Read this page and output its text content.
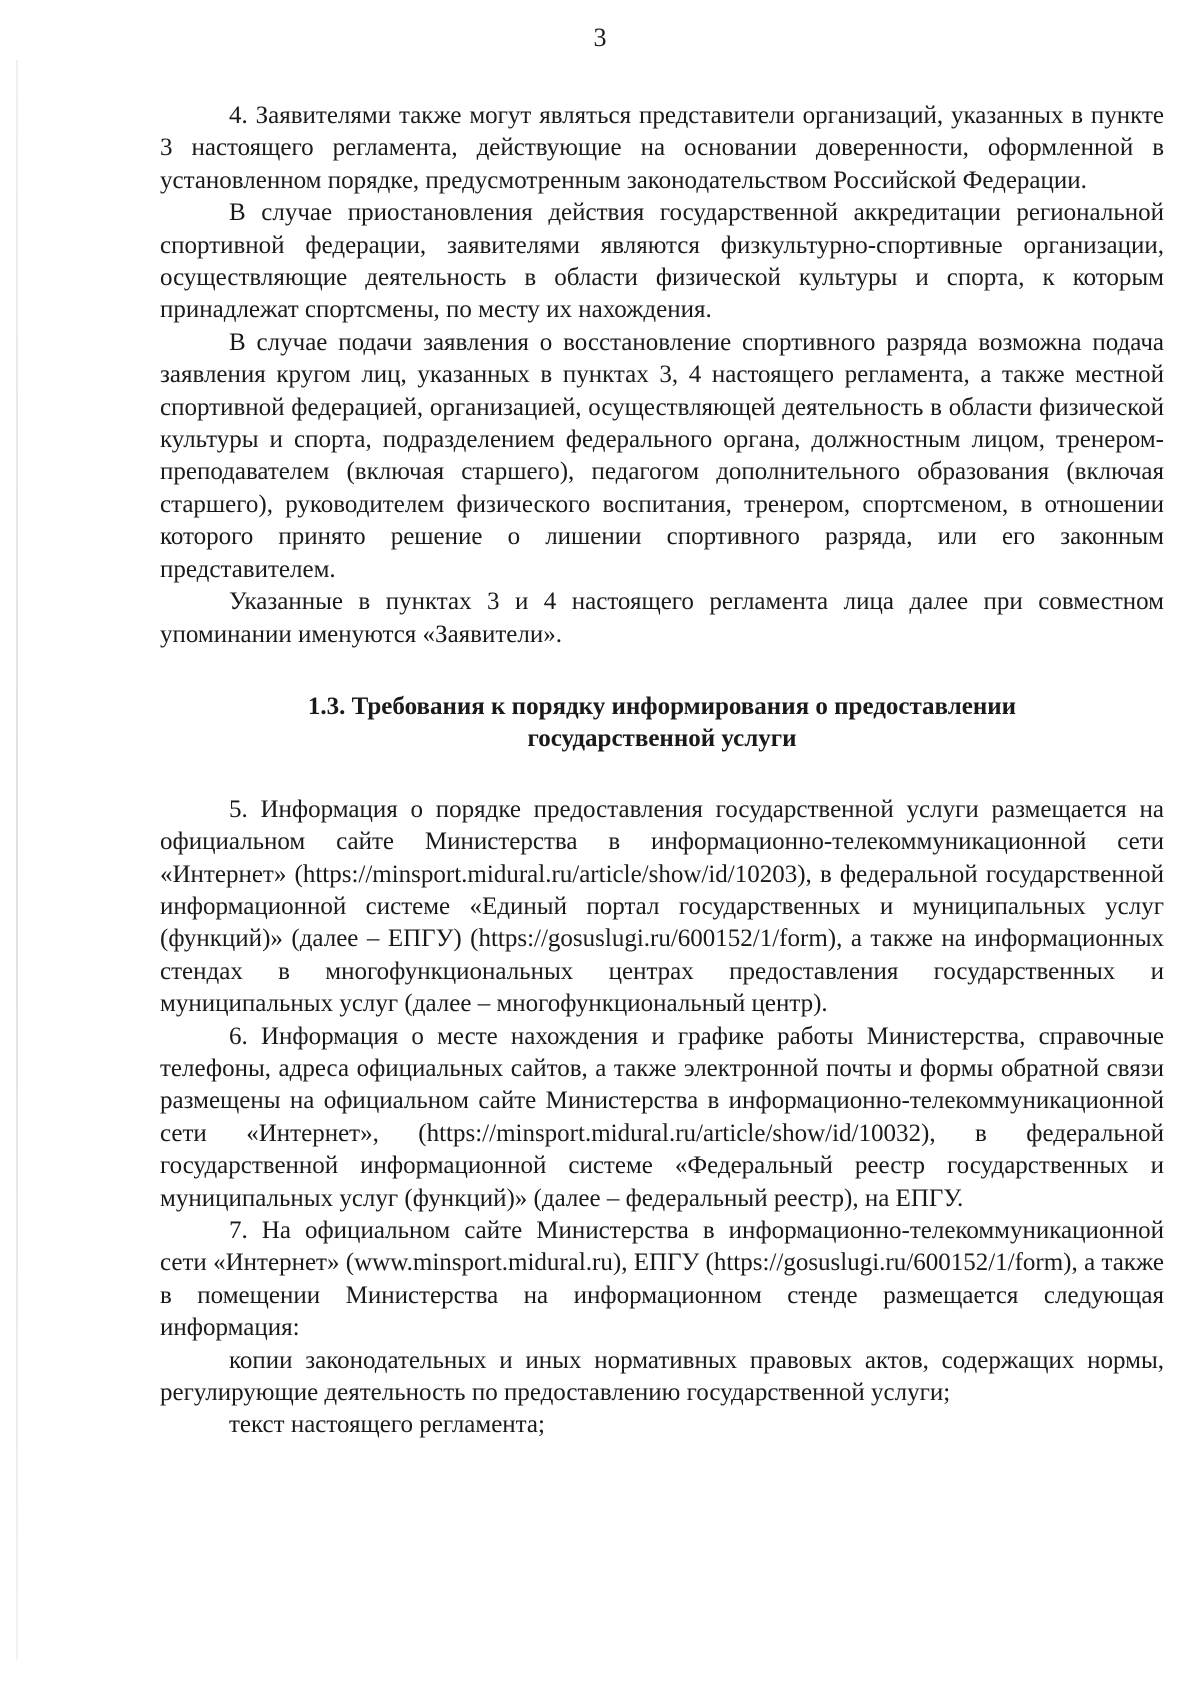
3

4. Заявителями также могут являться представители организаций, указанных в пункте 3 настоящего регламента, действующие на основании доверенности, оформленной в установленном порядке, предусмотренным законодательством Российской Федерации.

В случае приостановления действия государственной аккредитации региональной спортивной федерации, заявителями являются физкультурно-спортивные организации, осуществляющие деятельность в области физической культуры и спорта, к которым принадлежат спортсмены, по месту их нахождения.

В случае подачи заявления о восстановление спортивного разряда возможна подача заявления кругом лиц, указанных в пунктах 3, 4 настоящего регламента, а также местной спортивной федерацией, организацией, осуществляющей деятельность в области физической культуры и спорта, подразделением федерального органа, должностным лицом, тренером-преподавателем (включая старшего), педагогом дополнительного образования (включая старшего), руководителем физического воспитания, тренером, спортсменом, в отношении которого принято решение о лишении спортивного разряда, или его законным представителем.

Указанные в пунктах 3 и 4 настоящего регламента лица далее при совместном упоминании именуются «Заявители».

1.3. Требования к порядку информирования о предоставлении государственной услуги

5. Информация о порядке предоставления государственной услуги размещается на официальном сайте Министерства в информационно-телекоммуникационной сети «Интернет» (https://minsport.midural.ru/article/show/id/10203), в федеральной государственной информационной системе «Единый портал государственных и муниципальных услуг (функций)» (далее – ЕПГУ) (https://gosuslugi.ru/600152/1/form), а также на информационных стендах в многофункциональных центрах предоставления государственных и муниципальных услуг (далее – многофункциональный центр).

6. Информация о месте нахождения и графике работы Министерства, справочные телефоны, адреса официальных сайтов, а также электронной почты и формы обратной связи размещены на официальном сайте Министерства в информационно-телекоммуникационной сети «Интернет», (https://minsport.midural.ru/article/show/id/10032), в федеральной государственной информационной системе «Федеральный реестр государственных и муниципальных услуг (функций)» (далее – федеральный реестр), на ЕПГУ.

7. На официальном сайте Министерства в информационно-телекоммуникационной сети «Интернет» (www.minsport.midural.ru), ЕПГУ (https://gosuslugi.ru/600152/1/form), а также в помещении Министерства на информационном стенде размещается следующая информация:

копии законодательных и иных нормативных правовых актов, содержащих нормы, регулирующие деятельность по предоставлению государственной услуги;

текст настоящего регламента;
